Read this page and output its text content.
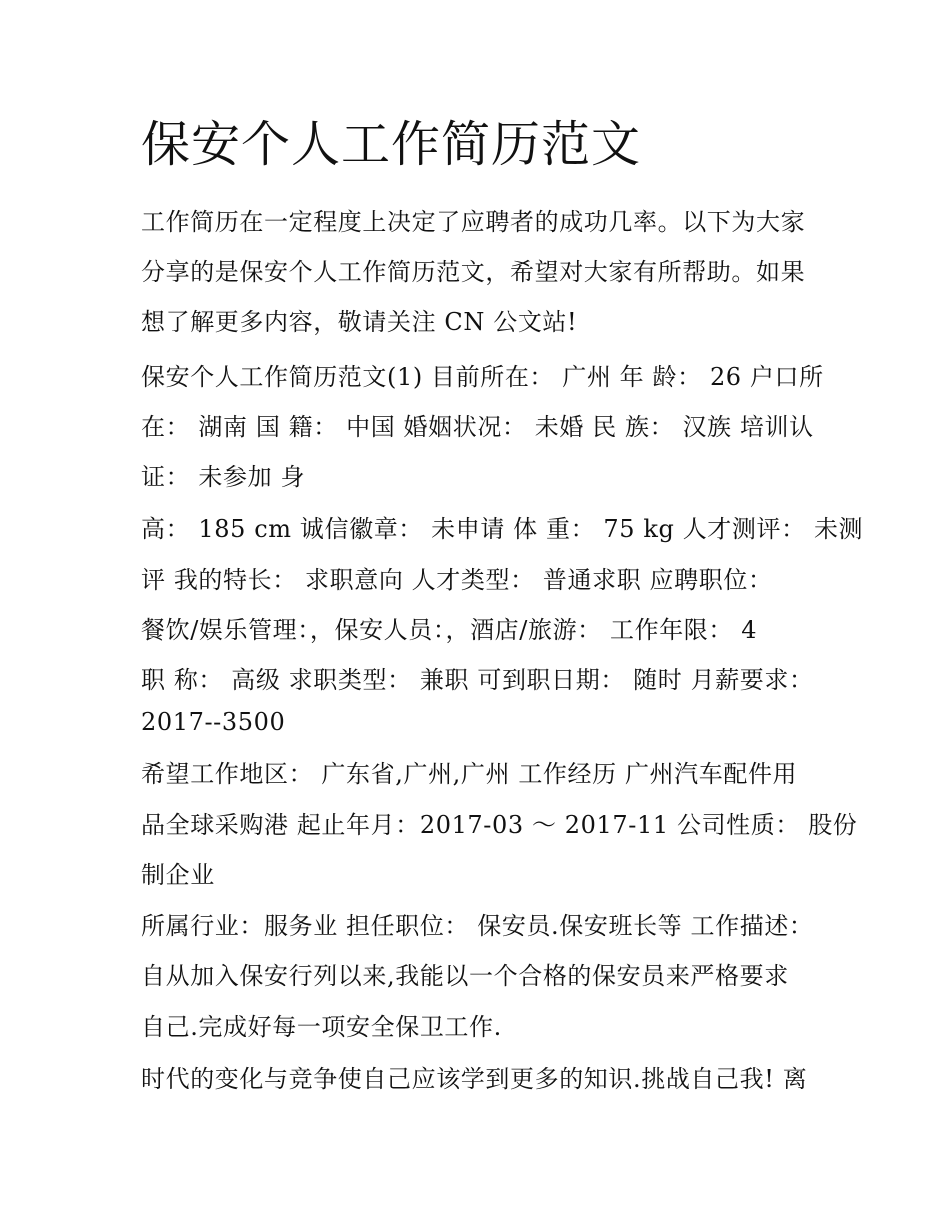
保安个人工作简历范文
工作简历在一定程度上决定了应聘者的成功几率。以下为大家
分享的是保安个人工作简历范文，希望对大家有所帮助。如果
想了解更多内容，敬请关注 CN 公文站!
保安个人工作简历范文(1) 目前所在： 广州 年 龄： 26 户口所
在： 湖南 国 籍： 中国 婚姻状况： 未婚 民 族： 汉族 培训认
证： 未参加 身
高： 185 cm 诚信徽章： 未申请 体 重： 75 kg 人才测评： 未测
评 我的特长： 求职意向 人才类型： 普通求职 应聘职位：
餐饮/娱乐管理：，保安人员：，酒店/旅游： 工作年限： 4
职 称： 高级 求职类型： 兼职 可到职日期： 随时 月薪要求：
2017--3500
希望工作地区： 广东省,广州,广州 工作经历 广州汽车配件用
品全球采购港 起止年月：2017-03 ～ 2017-11 公司性质： 股份
制企业
所属行业：服务业 担任职位： 保安员.保安班长等 工作描述：
自从加入保安行列以来,我能以一个合格的保安员来严格要求
自己.完成好每一项安全保卫工作.
时代的变化与竞争使自己应该学到更多的知识.挑战自己我! 离
